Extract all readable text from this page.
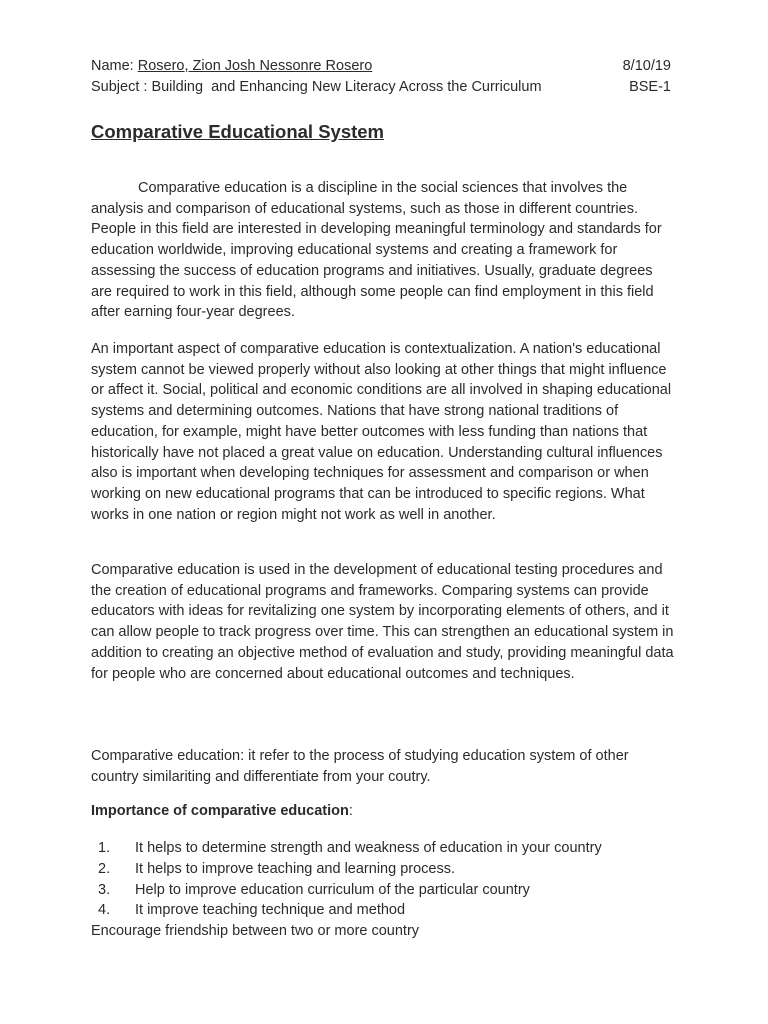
Name: Rosero, Zion Josh Nessonre Rosero	8/10/19
Subject : Building  and Enhancing New Literacy Across the Curriculum	BSE-1
Comparative Educational System

Comparative education is a discipline in the social sciences that involves the analysis and comparison of educational systems, such as those in different countries. People in this field are interested in developing meaningful terminology and standards for education worldwide, improving educational systems and creating a framework for assessing the success of education programs and initiatives. Usually, graduate degrees are required to work in this field, although some people can find employment in this field after earning four-year degrees.

An important aspect of comparative education is contextualization. A nation's educational system cannot be viewed properly without also looking at other things that might influence or affect it. Social, political and economic conditions are all involved in shaping educational systems and determining outcomes. Nations that have strong national traditions of education, for example, might have better outcomes with less funding than nations that historically have not placed a great value on education. Understanding cultural influences also is important when developing techniques for assessment and comparison or when working on new educational programs that can be introduced to specific regions. What works in one nation or region might not work as well in another.

Comparative education is used in the development of educational testing procedures and the creation of educational programs and frameworks. Comparing systems can provide educators with ideas for revitalizing one system by incorporating elements of others, and it can allow people to track progress over time. This can strengthen an educational system in addition to creating an objective method of evaluation and study, providing meaningful data for people who are concerned about educational outcomes and techniques.

Comparative education: it refer to the process of studying education system of other country similariting and differentiate from your coutry.

Importance of comparative education:

1.	It helps to determine strength and weakness of education in your country
2.	It helps to improve teaching and learning process.
3.	Help to improve education curriculum of the particular country
4.	It improve teaching technique and method

Encourage friendship between two or more country
